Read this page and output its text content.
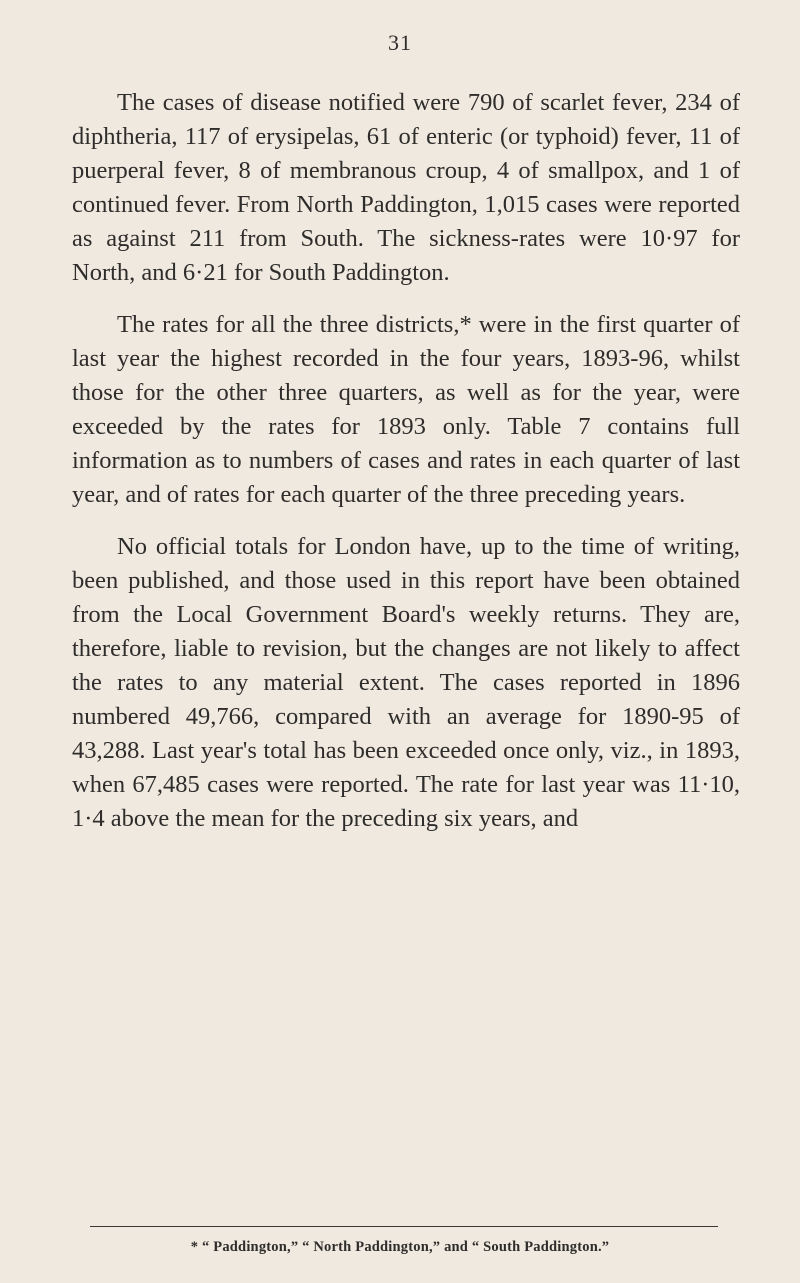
31

The cases of disease notified were 790 of scarlet fever, 234 of diphtheria, 117 of erysipelas, 61 of enteric (or typhoid) fever, 11 of puerperal fever, 8 of membranous croup, 4 of smallpox, and 1 of continued fever. From North Paddington, 1,015 cases were reported as against 211 from South. The sickness-rates were 10·97 for North, and 6·21 for South Paddington.

The rates for all the three districts,* were in the first quarter of last year the highest recorded in the four years, 1893-96, whilst those for the other three quarters, as well as for the year, were exceeded by the rates for 1893 only. Table 7 contains full information as to numbers of cases and rates in each quarter of last year, and of rates for each quarter of the three preceding years.

No official totals for London have, up to the time of writing, been published, and those used in this report have been obtained from the Local Government Board's weekly returns. They are, therefore, liable to revision, but the changes are not likely to affect the rates to any material extent. The cases reported in 1896 numbered 49,766, compared with an average for 1890-95 of 43,288. Last year's total has been exceeded once only, viz., in 1893, when 67,485 cases were reported. The rate for last year was 11·10, 1·4 above the mean for the preceding six years, and

* “ Paddington,” “ North Paddington,” and “ South Paddington.”
